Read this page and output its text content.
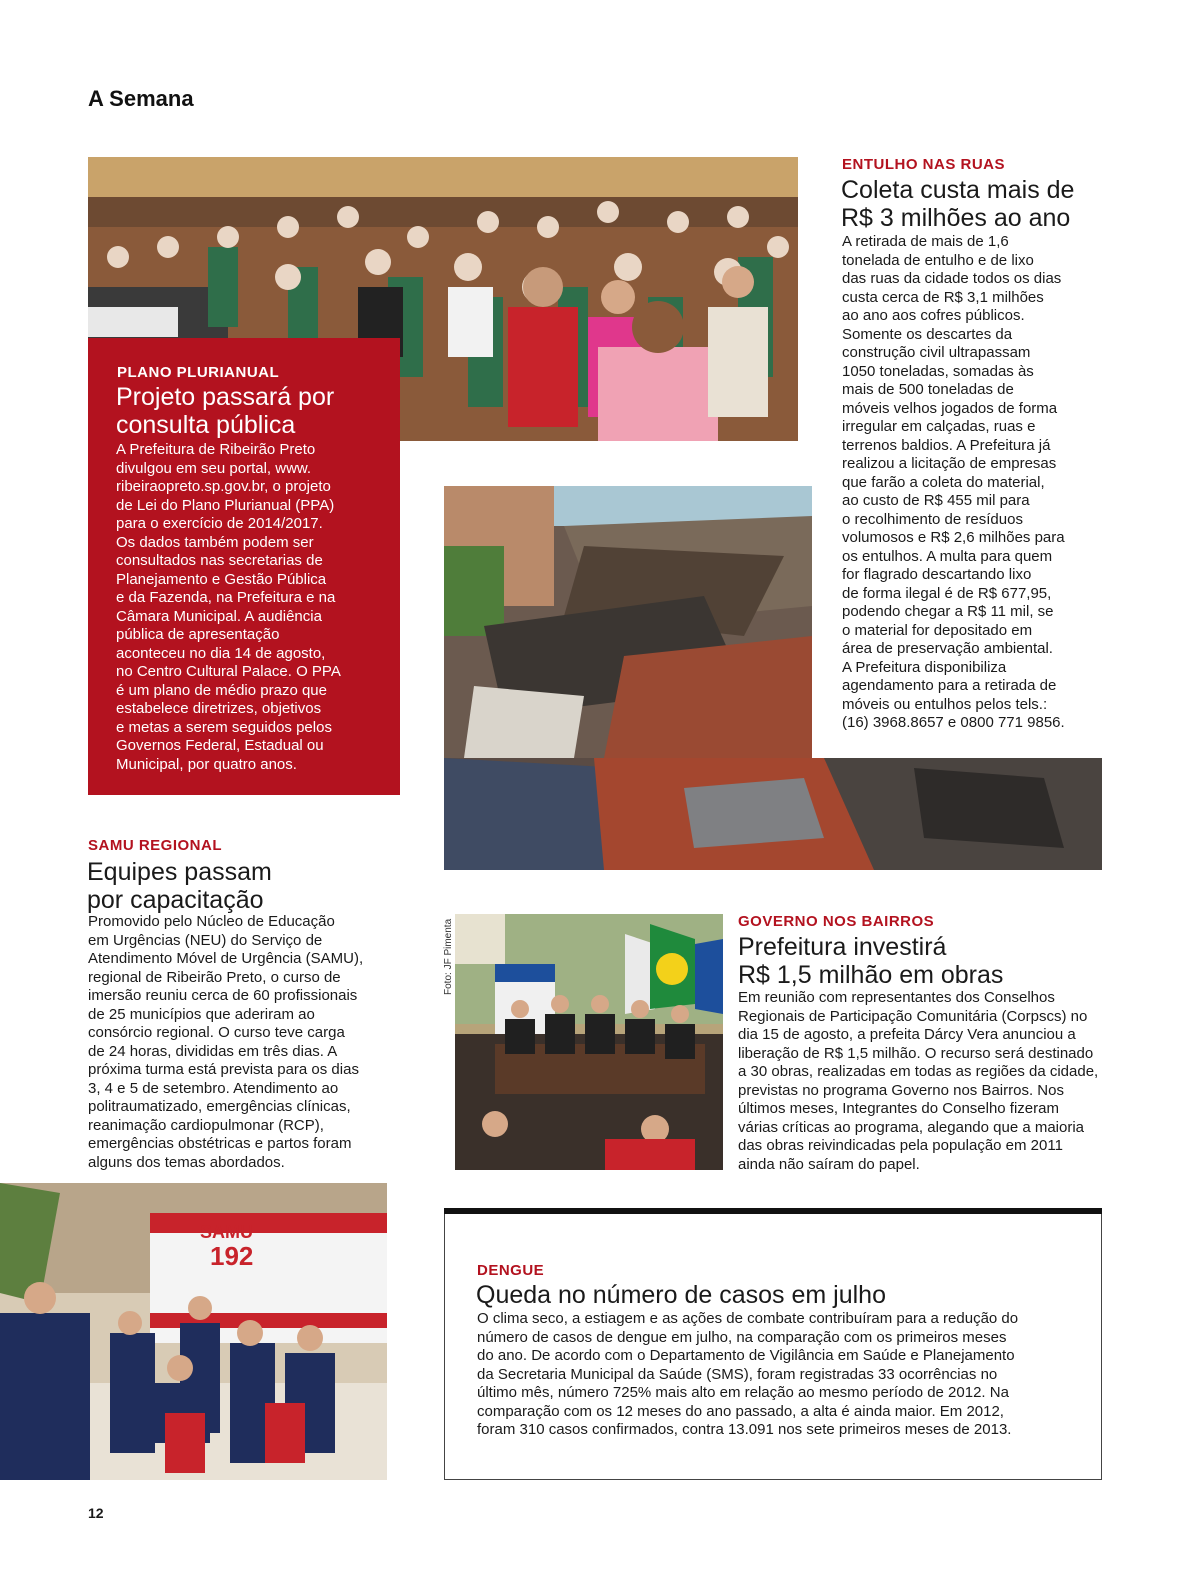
A Semana
PLANO PLURIANUAL
Projeto passará por
consulta pública
A Prefeitura de Ribeirão Preto
divulgou em seu portal, www.
ribeiraopreto.sp.gov.br, o projeto
de Lei do Plano Plurianual (PPA)
para o exercício de 2014/2017.
Os dados também podem ser
consultados nas secretarias de
Planejamento e Gestão Pública
e da Fazenda, na Prefeitura e na
Câmara Municipal. A audiência
pública de apresentação
aconteceu no dia 14 de agosto,
no Centro Cultural Palace. O PPA
é um plano de médio prazo que
estabelece diretrizes, objetivos
e metas a serem seguidos pelos
Governos Federal, Estadual ou
Municipal, por quatro anos.
ENTULHO NAS RUAS
Coleta custa mais de
R$ 3 milhões ao ano
A retirada de mais de 1,6
tonelada de entulho e de lixo
das ruas da cidade todos os dias
custa cerca de R$ 3,1 milhões
ao ano aos cofres públicos.
Somente os descartes da
construção civil ultrapassam
1050 toneladas, somadas às
mais de 500 toneladas de
móveis velhos jogados de forma
irregular em calçadas, ruas e
terrenos baldios. A Prefeitura já
realizou a licitação de empresas
que farão a coleta do material,
ao custo de R$ 455 mil para
o recolhimento de resíduos
volumosos e R$ 2,6 milhões para
os entulhos. A multa para quem
for flagrado descartando lixo
de forma ilegal é de R$ 677,95,
podendo chegar a R$ 11 mil, se
o material for depositado em
área de preservação ambiental.
A Prefeitura disponibiliza
agendamento para a retirada de
móveis ou entulhos pelos tels.:
(16) 3968.8657 e 0800 771 9856.
SAMU REGIONAL
Equipes passam
por capacitação
Promovido pelo Núcleo de Educação
em Urgências (NEU) do Serviço de
Atendimento Móvel de Urgência (SAMU),
regional de Ribeirão Preto, o curso de
imersão reuniu cerca de 60 profissionais
de 25 municípios que aderiram ao
consórcio regional. O curso teve carga
de 24 horas, divididas em três dias. A
próxima turma está prevista para os dias
3, 4 e 5 de setembro. Atendimento ao
politraumatizado, emergências clínicas,
reanimação cardiopulmonar (RCP),
emergências obstétricas e partos foram
alguns dos temas abordados.
SAMU
192
Foto: JF Pimenta	GOVERNO NOS BAIRROS
Prefeitura investirá
R$ 1,5 milhão em obras
Em reunião com representantes dos Conselhos
Regionais de Participação Comunitária (Corpscs) no
dia 15 de agosto, a prefeita Dárcy Vera anunciou a
liberação de R$ 1,5 milhão. O recurso será destinado
a 30 obras, realizadas em todas as regiões da cidade,
previstas no programa Governo nos Bairros. Nos
últimos meses, Integrantes do Conselho fizeram
várias críticas ao programa, alegando que a maioria
das obras reivindicadas pela população em 2011
ainda não saíram do papel.
DENGUE
Queda no número de casos em julho
O clima seco, a estiagem e as ações de combate contribuíram para a redução do
número de casos de dengue em julho, na comparação com os primeiros meses
do ano. De acordo com o Departamento de Vigilância em Saúde e Planejamento
da Secretaria Municipal da Saúde (SMS), foram registradas 33 ocorrências no
último mês, número 725% mais alto em relação ao mesmo período de 2012. Na
comparação com os 12 meses do ano passado, a alta é ainda maior. Em 2012,
foram 310 casos confirmados, contra 13.091 nos sete primeiros meses de 2013.
12
